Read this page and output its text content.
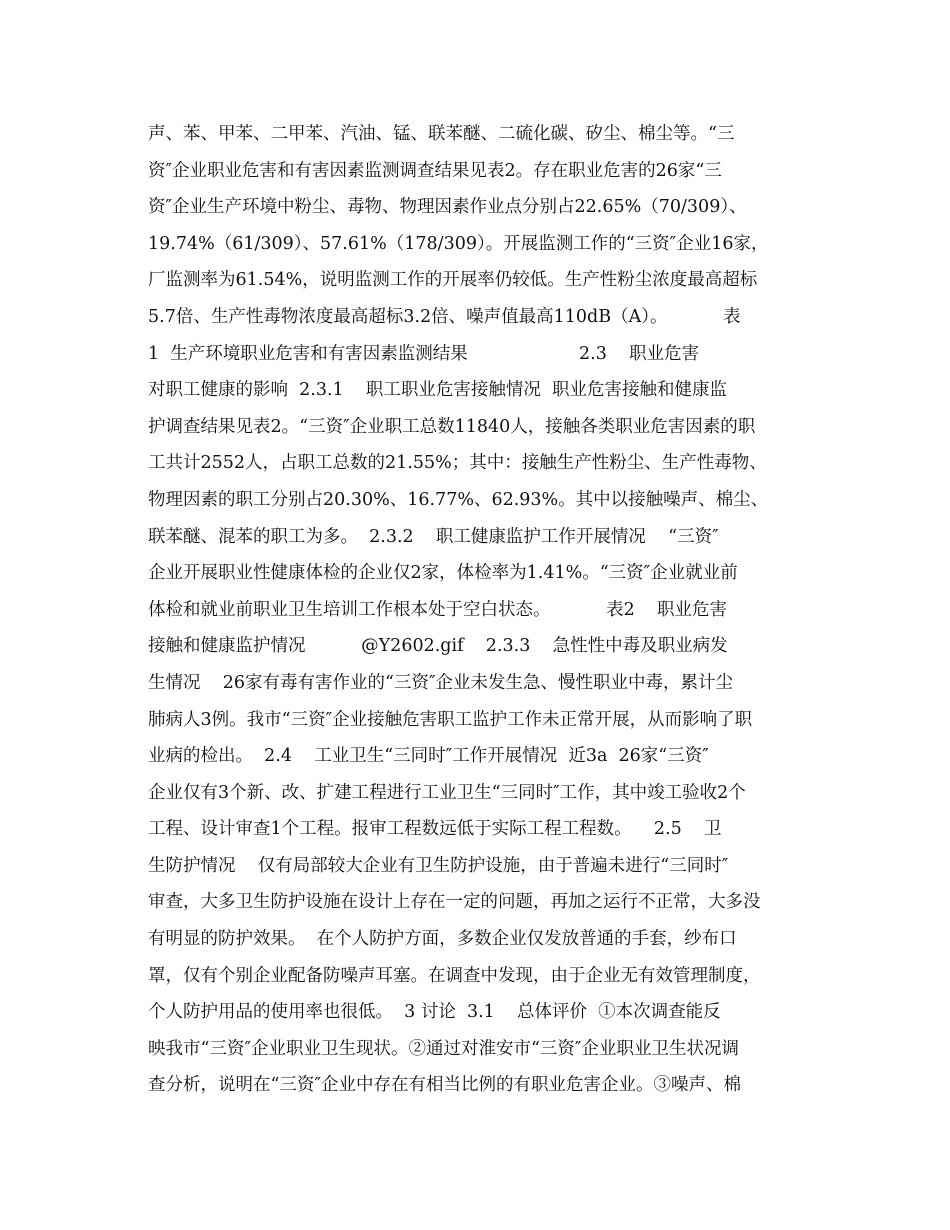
声、苯、甲苯、二甲苯、汽油、锰、联苯醚、二硫化碳、矽尘、棉尘等。“三
资″企业职业危害和有害因素监测调查结果见表2。存在职业危害的26家“三
资″企业生产环境中粉尘、毒物、物理因素作业点分别占22.65%（70/309）、
19.74%（61/309）、57.61%（178/309）。开展监测工作的“三资″企业16家，
厂监测率为61.54%，说明监测工作的开展率仍较低。生产性粉尘浓度最高超标
5.7倍、生产性毒物浓度最高超标3.2倍、噪声值最高110dB（A）。          表
1  生产环境职业危害和有害因素监测结果                    2.3    职业危害
对职工健康的影响  2.3.1    职工职业危害接触情况  职业危害接触和健康监
护调查结果见表2。“三资″企业职工总数11840人，接触各类职业危害因素的职
工共计2552人，占职工总数的21.55%；其中：接触生产性粉尘、生产性毒物、
物理因素的职工分别占20.30%、16.77%、62.93%。其中以接触噪声、棉尘、
联苯醚、混苯的职工为多。  2.3.2    职工健康监护工作开展情况    “三资″
企业开展职业性健康体检的企业仅2家，体检率为1.41%。“三资″企业就业前
体检和就业前职业卫生培训工作根本处于空白状态。          表2    职业危害
接触和健康监护情况          @Y2602.gif    2.3.3    急性性中毒及职业病发
生情况    26家有毒有害作业的“三资″企业未发生急、慢性职业中毒，累计尘
肺病人3例。我市“三资″企业接触危害职工监护工作未正常开展，从而影响了职
业病的检出。  2.4    工业卫生“三同时″工作开展情况  近3a  26家“三资″
企业仅有3个新、改、扩建工程进行工业卫生“三同时″工作，其中竣工验收2个
工程、设计审查1个工程。报审工程数远低于实际工程工程数。    2.5    卫
生防护情况    仅有局部较大企业有卫生防护设施，由于普遍未进行“三同时″
审查，大多卫生防护设施在设计上存在一定的问题，再加之运行不正常，大多没
有明显的防护效果。  在个人防护方面，多数企业仅发放普通的手套，纱布口
罩，仅有个别企业配备防噪声耳塞。在调查中发现，由于企业无有效管理制度，
个人防护用品的使用率也很低。  3 讨论  3.1    总体评价  ①本次调查能反
映我市“三资″企业职业卫生现状。②通过对淮安市“三资″企业职业卫生状况调
查分析，说明在“三资″企业中存在有相当比例的有职业危害企业。③噪声、棉
